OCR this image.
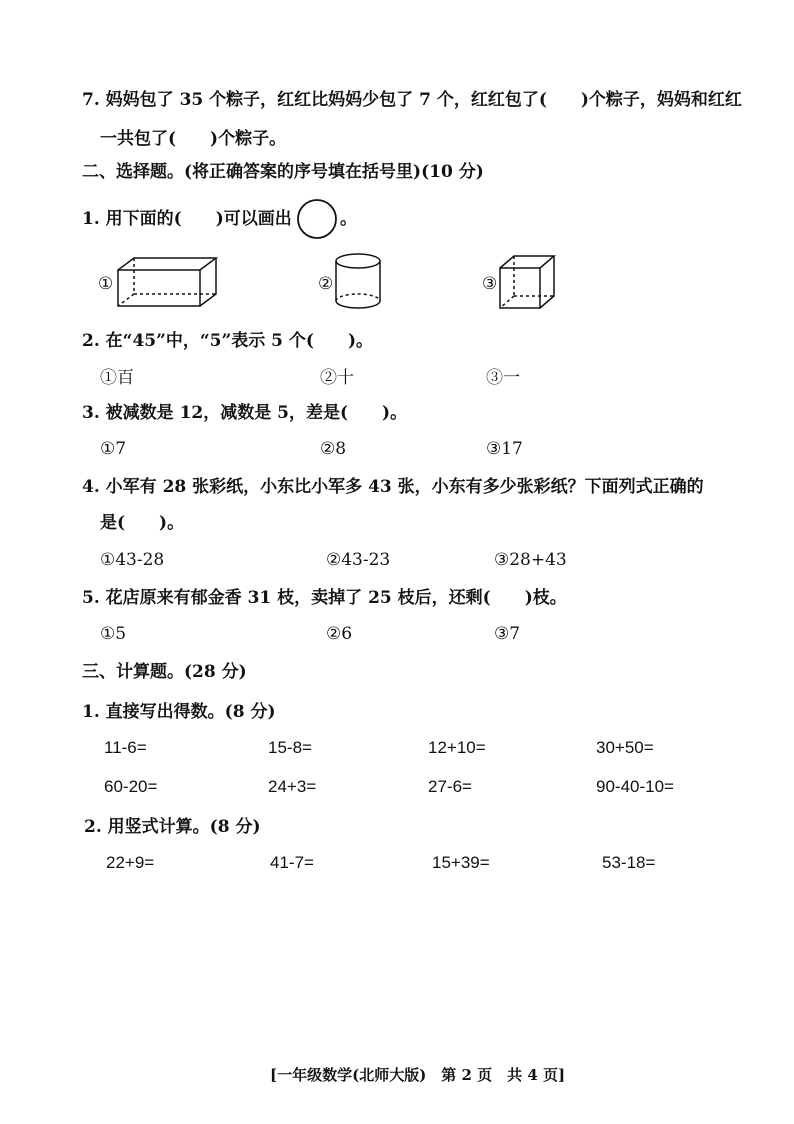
7. 妈妈包了 35 个粽子，红红比妈妈少包了 7 个，红红包了(　　)个粽子，妈妈和红红
一共包了(　　)个粽子。
二、选择题。(将正确答案的序号填在括号里)(10 分)
1. 用下面的(　　)可以画出	。
①	②	③
2. 在“45”中，“5”表示 5 个(　　)。
①百	②十	③一
3. 被减数是 12，减数是 5，差是(　　)。
①7	②8	③17
4. 小军有 28 张彩纸，小东比小军多 43 张，小东有多少张彩纸？下面列式正确的
是(　　)。
①43-28	②43-23	③28+43
5. 花店原来有郁金香 31 枝，卖掉了 25 枝后，还剩(　　)枝。
①5	②6	③7
三、计算题。(28 分)
1. 直接写出得数。(8 分)
11-6=	15-8=	12+10=	30+50=
60-20=	24+3=	27-6=	90-40-10=
2. 用竖式计算。(8 分)
22+9=	41-7=	15+39=	53-18=
[一年级数学(北师大版)　第 2 页　共 4 页]
